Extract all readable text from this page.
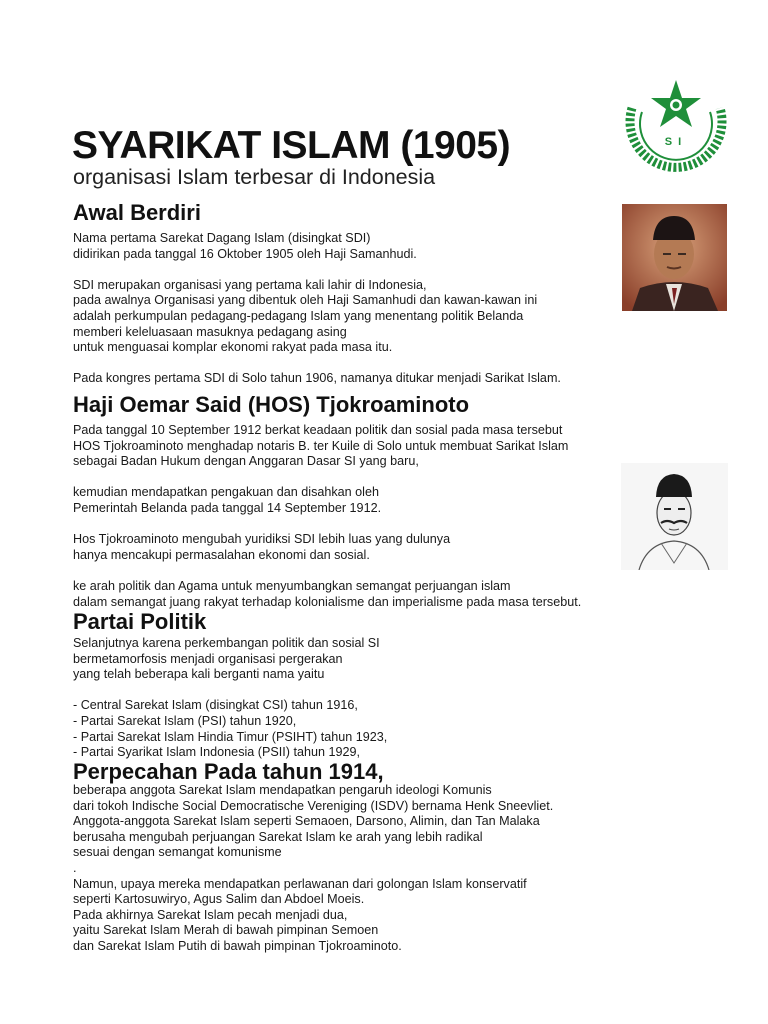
SI
SYARIKAT ISLAM (1905)
organisasi Islam terbesar di Indonesia
Awal Berdiri
Nama pertama Sarekat Dagang Islam (disingkat SDI)
didirikan pada tanggal 16 Oktober 1905 oleh Haji Samanhudi.
SDI merupakan organisasi yang pertama kali lahir di Indonesia,
pada awalnya Organisasi yang dibentuk oleh Haji Samanhudi dan kawan-kawan ini
adalah perkumpulan pedagang-pedagang Islam yang menentang politik Belanda
memberi keleluasaan masuknya pedagang asing
untuk menguasai komplar ekonomi rakyat pada masa itu.
Pada kongres pertama SDI di Solo tahun 1906, namanya ditukar menjadi Sarikat Islam.
Haji Oemar Said (HOS) Tjokroaminoto
Pada tanggal 10 September 1912 berkat keadaan politik dan sosial pada masa tersebut
HOS Tjokroaminoto menghadap notaris B. ter Kuile di Solo untuk membuat Sarikat Islam
sebagai Badan Hukum dengan Anggaran Dasar SI yang baru,
kemudian mendapatkan pengakuan dan disahkan oleh
Pemerintah Belanda pada tanggal 14 September 1912.
Hos Tjokroaminoto mengubah yuridiksi SDI lebih luas yang dulunya
hanya mencakupi permasalahan ekonomi dan sosial.
ke arah politik dan Agama untuk menyumbangkan semangat perjuangan islam
dalam semangat juang rakyat terhadap kolonialisme dan imperialisme pada masa tersebut.
Partai Politik
Selanjutnya karena perkembangan politik dan sosial SI
bermetamorfosis menjadi organisasi pergerakan
yang telah beberapa kali berganti nama yaitu
- Central Sarekat Islam (disingkat CSI) tahun 1916,
- Partai Sarekat Islam (PSI) tahun 1920,
- Partai Sarekat Islam Hindia Timur (PSIHT) tahun 1923,
- Partai Syarikat Islam Indonesia (PSII) tahun 1929,
Perpecahan Pada tahun 1914,
beberapa anggota Sarekat Islam mendapatkan pengaruh ideologi Komunis
dari tokoh Indische Social Democratische Vereniging (ISDV) bernama Henk Sneevliet.
Anggota-anggota Sarekat Islam seperti Semaoen, Darsono, Alimin, dan Tan Malaka
berusaha mengubah perjuangan Sarekat Islam ke arah yang lebih radikal
sesuai dengan semangat komunisme
.
Namun, upaya mereka mendapatkan perlawanan dari golongan Islam konservatif
seperti Kartosuwiryo, Agus Salim dan Abdoel Moeis.
Pada akhirnya Sarekat Islam pecah menjadi dua,
yaitu Sarekat Islam Merah di bawah pimpinan Semoen
dan Sarekat Islam Putih di bawah pimpinan Tjokroaminoto.
